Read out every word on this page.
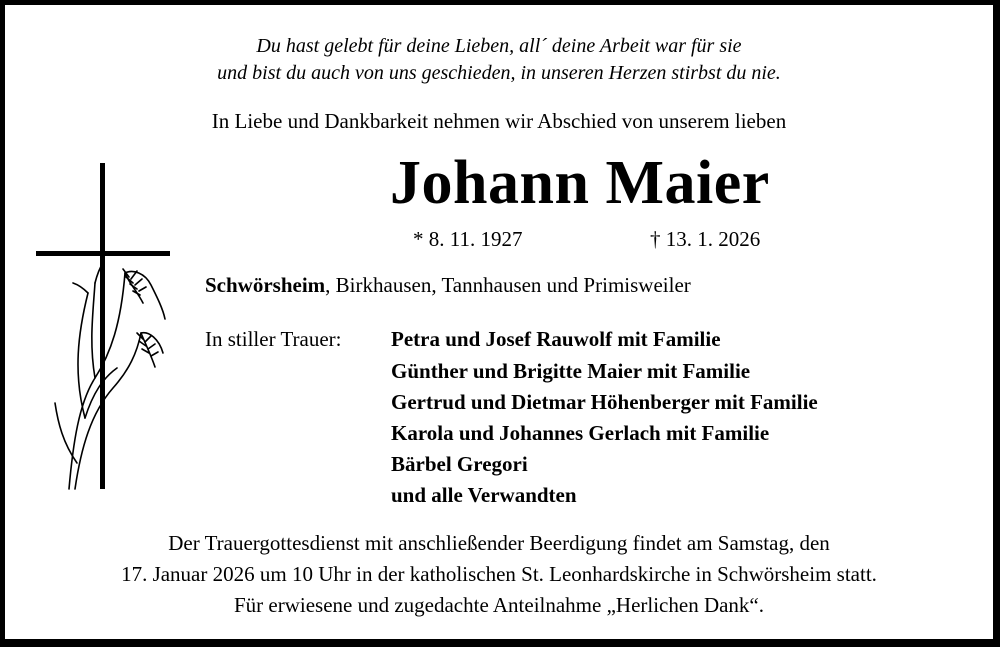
Du hast gelebt für deine Lieben, all´ deine Arbeit war für sie
und bist du auch von uns geschieden, in unseren Herzen stirbst du nie.
In Liebe und Dankbarkeit nehmen wir Abschied von unserem lieben
Johann Maier
* 8. 11. 1927	† 13. 1. 2026
Schwörsheim, Birkhausen, Tannhausen und Primisweiler
In stiller Trauer: Petra und Josef Rauwolf mit Familie
Günther und Brigitte Maier mit Familie
Gertrud und Dietmar Höhenberger mit Familie
Karola und Johannes Gerlach mit Familie
Bärbel Gregori
und alle Verwandten
Der Trauergottesdienst mit anschließender Beerdigung findet am Samstag, den
17. Januar 2026 um 10 Uhr in der katholischen St. Leonhardskirche in Schwörsheim statt.
Für erwiesene und zugedachte Anteilnahme „Herlichen Dank“.
